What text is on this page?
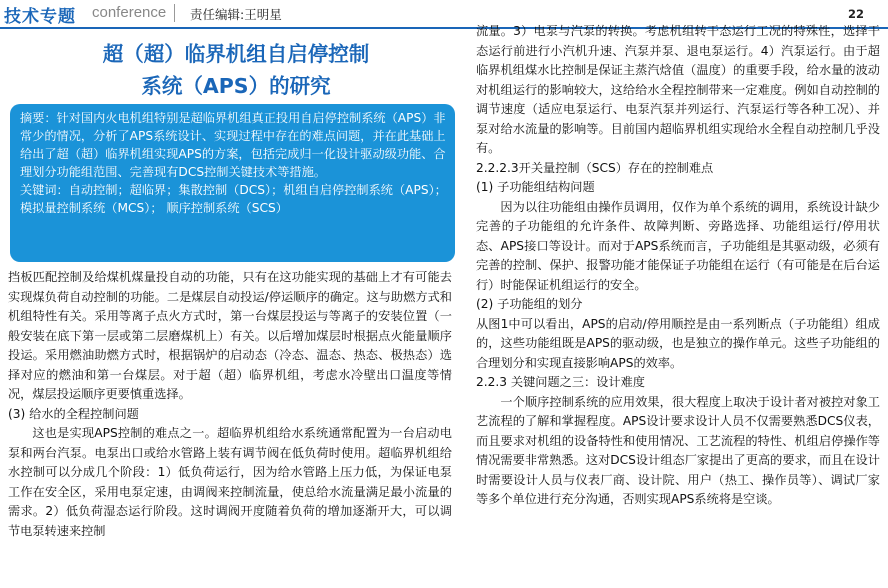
技术专题 conference 责任编辑:王明星	22
超（超）临界机组自启停控制
系统（APS）的研究

摘要：针对国内火电机组特别是超临界机组真正投用自启停控制系统（APS）非常少的情况，分析了APS系统设计、实现过程中存在的难点问题，并在此基础上给出了超（超）临界机组实现APS的方案，包括完成归一化设计驱动级功能、合理划分功能组范围、完善现有DCS控制关键技术等措施。

关键词：自动控制；超临界；集散控制（DCS）；机组自启停控制系统（APS）；模拟量控制系统（MCS）； 顺序控制系统（SCS）

挡板匹配控制及给煤机煤量投自动的功能，只有在这功能实现的基础上才有可能去实现煤负荷自动控制的功能。二是煤层自动投运/停运顺序的确定。这与助燃方式和机组特性有关。采用等离子点火方式时，第一台煤层投运与等离子的安装位置（一般安装在底下第一层或第二层磨煤机上）有关。以后增加煤层时根据点火能量顺序投运。采用燃油助燃方式时，根据锅炉的启动态（冷态、温态、热态、极热态）选择对应的燃油和第一台煤层。对于超（超）临界机组，考虑水冷壁出口温度等情况，煤层投运顺序更要慎重选择。

(3) 给水的全程控制问题

这也是实现APS控制的难点之一。超临界机组给水系统通常配置为一台启动电泵和两台汽泵。电泵出口或给水管路上装有调节阀在低负荷时使用。超临界机组给水控制可以分成几个阶段：1）低负荷运行，因为给水管路上压力低，为保证电泵工作在安全区，采用电泵定速，由调阀来控制流量，使总给水流量满足最小流量的需求。2）低负荷湿态运行阶段。这时调阀开度随着负荷的增加逐渐开大，可以调节电泵转速来控制

流量。3）电泵与汽泵的转换。考虑机组转干态运行工况的特殊性，选择干态运行前进行小汽机升速、汽泵并泵、退电泵运行。4）汽泵运行。由于超临界机组煤水比控制是保证主蒸汽焓值（温度）的重要手段，给水量的波动对机组运行的影响较大，这给给水全程控制带来一定难度。例如自动控制的调节速度（适应电泵运行、电泵汽泵并列运行、汽泵运行等各种工况）、并泵对给水流量的影响等。目前国内超临界机组实现给水全程自动控制几乎没有。

2.2.2.3开关量控制（SCS）存在的控制难点

(1) 子功能组结构问题

因为以往功能组由操作员调用，仅作为单个系统的调用，系统设计缺少完善的子功能组的允许条件、故障判断、旁路选择、功能组运行/停用状态、APS接口等设计。而对于APS系统而言，子功能组是其驱动级，必须有完善的控制、保护、报警功能才能保证子功能组在运行（有可能是在后台运行）时能保证机组运行的安全。

(2) 子功能组的划分

从图1中可以看出，APS的启动/停用顺控是由一系列断点（子功能组）组成的，这些功能组既是APS的驱动级，也是独立的操作单元。这些子功能组的合理划分和实现直接影响APS的效率。

2.2.3 关键问题之三：设计难度

一个顺序控制系统的应用效果，很大程度上取决于设计者对被控对象工艺流程的了解和掌握程度。APS设计要求设计人员不仅需要熟悉DCS仪表，而且要求对机组的设备特性和使用情况、工艺流程的特性、机组启停操作等情况需要非常熟悉。这对DCS设计组态厂家提出了更高的要求，而且在设计时需要设计人员与仪表厂商、设计院、用户（热工、操作员等）、调试厂家等多个单位进行充分沟通，否则实现APS系统将是空谈。
